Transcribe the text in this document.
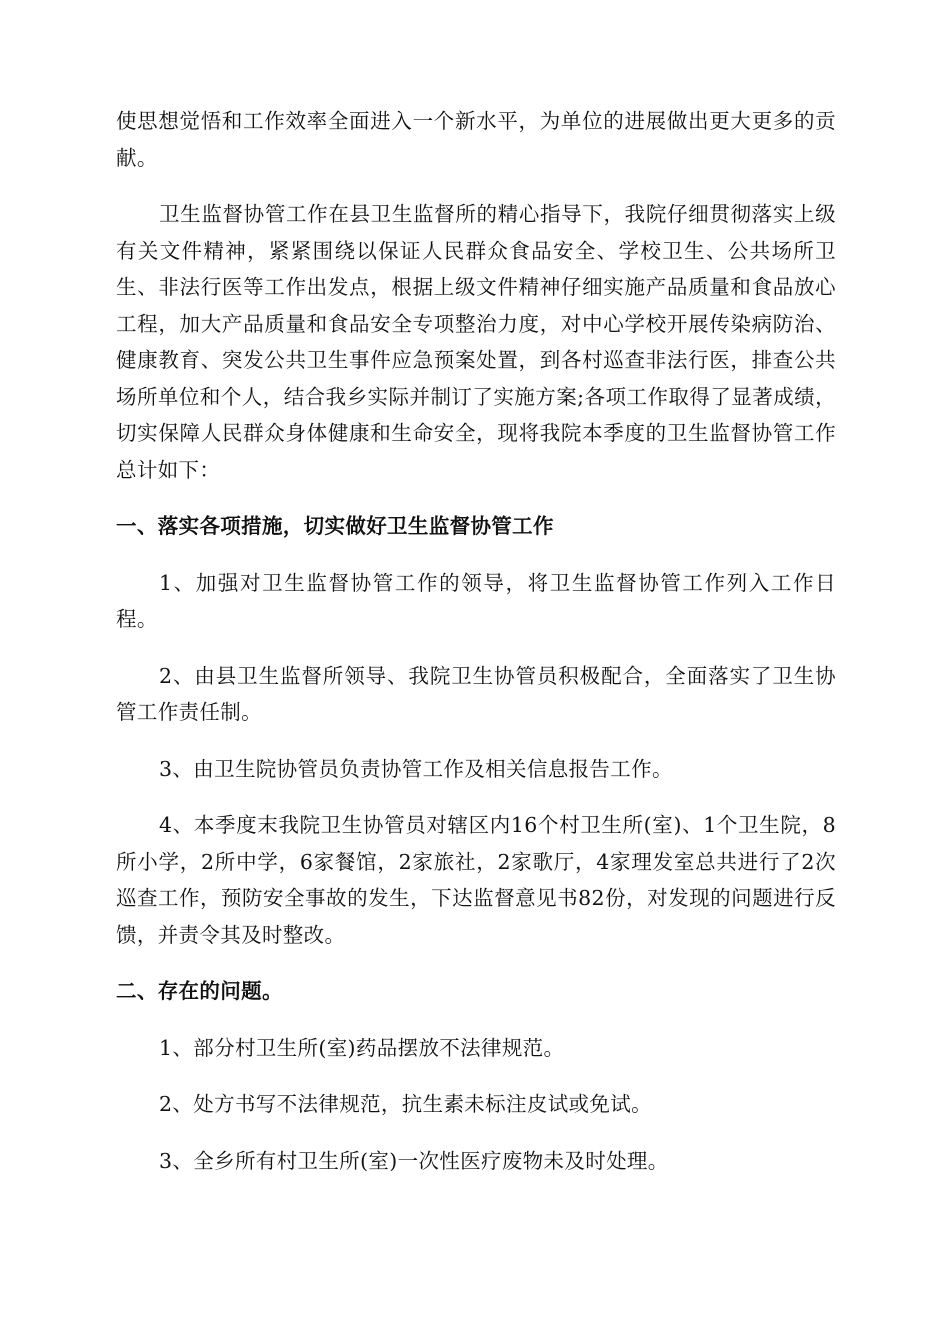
使思想觉悟和工作效率全面进入一个新水平，为单位的进展做出更大更多的贡献。

卫生监督协管工作在县卫生监督所的精心指导下，我院仔细贯彻落实上级有关文件精神，紧紧围绕以保证人民群众食品安全、学校卫生、公共场所卫生、非法行医等工作出发点，根据上级文件精神仔细实施产品质量和食品放心工程，加大产品质量和食品安全专项整治力度，对中心学校开展传染病防治、健康教育、突发公共卫生事件应急预案处置，到各村巡查非法行医，排查公共场所单位和个人，结合我乡实际并制订了实施方案;各项工作取得了显著成绩，切实保障人民群众身体健康和生命安全，现将我院本季度的卫生监督协管工作总计如下：

一、落实各项措施，切实做好卫生监督协管工作

1、加强对卫生监督协管工作的领导，将卫生监督协管工作列入工作日程。

2、由县卫生监督所领导、我院卫生协管员积极配合，全面落实了卫生协管工作责任制。

3、由卫生院协管员负责协管工作及相关信息报告工作。

4、本季度末我院卫生协管员对辖区内16个村卫生所(室)、1个卫生院，8所小学，2所中学，6家餐馆，2家旅社，2家歌厅，4家理发室总共进行了2次巡查工作，预防安全事故的发生，下达监督意见书82份，对发现的问题进行反馈，并责令其及时整改。

二、存在的问题。

1、部分村卫生所(室)药品摆放不法律规范。

2、处方书写不法律规范，抗生素未标注皮试或免试。

3、全乡所有村卫生所(室)一次性医疗废物未及时处理。
